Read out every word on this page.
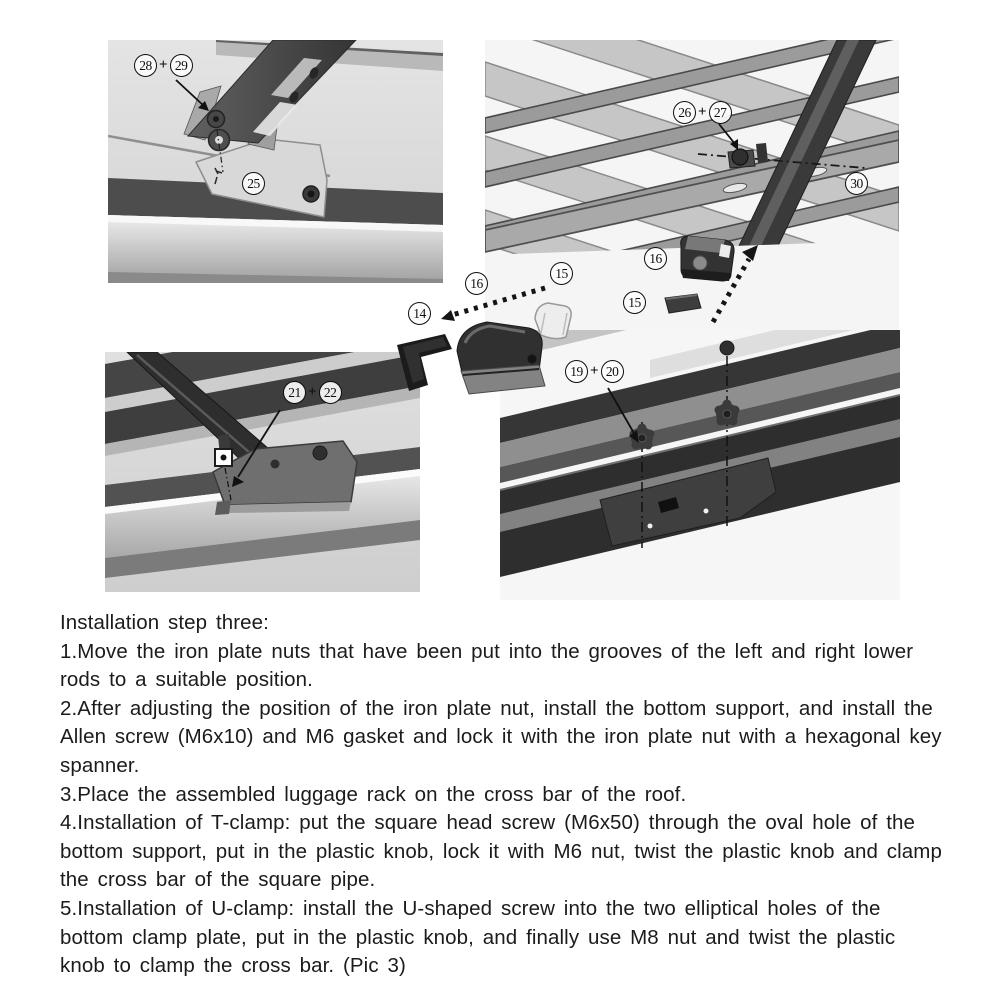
28 + 29
25
26 + 27
30
16
15
16
15
14
21 + 22
19 + 20
Installation step three:
1.Move the iron plate nuts that have been put into the grooves of the left and right lower
rods to a suitable position.
2.After adjusting the position of the iron plate nut, install the bottom support, and install the
Allen screw (M6x10) and M6 gasket and lock it with the iron plate nut with a hexagonal key
spanner.
3.Place the assembled luggage rack on the cross bar of the roof.
4.Installation of T-clamp: put the square head screw (M6x50) through the oval hole of the
bottom support, put in the plastic knob, lock it with M6 nut, twist the plastic knob and clamp
the cross bar of the square pipe.
5.Installation of U-clamp: install the U-shaped screw into the two elliptical holes of the
bottom clamp plate, put in the plastic knob, and finally use M8 nut and twist the plastic
knob to clamp the cross bar. (Pic 3)
